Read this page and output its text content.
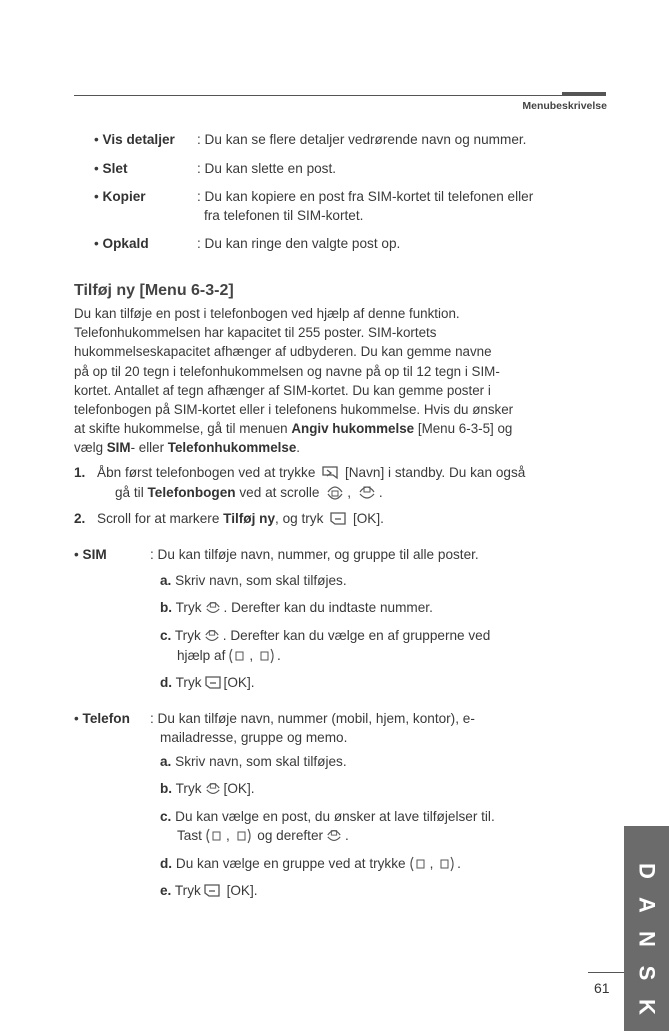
Menubeskrivelse
• Vis detaljer : Du kan se flere detaljer vedrørende navn og nummer.
• Slet	: Du kan slette en post.
• Kopier	: Du kan kopiere en post fra SIM-kortet til telefonen eller
fra telefonen til SIM-kortet.
• Opkald	: Du kan ringe den valgte post op.
Tilføj ny [Menu 6-3-2]
Du kan tilføje en post i telefonbogen ved hjælp af denne funktion.
Telefonhukommelsen har kapacitet til 255 poster. SIM-kortets
hukommelseskapacitet afhænger af udbyderen. Du kan gemme navne
på op til 20 tegn i telefonhukommelsen og navne på op til 12 tegn i SIM-
kortet. Antallet af tegn afhænger af SIM-kortet. Du kan gemme poster i
telefonbogen på SIM-kortet eller i telefonens hukommelse. Hvis du ønsker
at skifte hukommelse, gå til menuen Angiv hukommelse [Menu 6-3-5] og
vælg SIM- eller Telefonhukommelse.
1. Åbn først telefonbogen ved at trykke [Navn] i standby. Du kan også
gå til Telefonbogen ved at scrolle , .
2. Scroll for at markere Tilføj ny, og tryk [OK].
• SIM	: Du kan tilføje navn, nummer, og gruppe til alle poster.
a. Skriv navn, som skal tilføjes.
b. Tryk . Derefter kan du indtaste nummer.
c. Tryk . Derefter kan du vælge en af grupperne ved
hjælp af , .
d. Tryk [OK].
• Telefon : Du kan tilføje navn, nummer (mobil, hjem, kontor), e-
mailadresse, gruppe og memo.
a. Skriv navn, som skal tilføjes.
b. Tryk [OK].
c. Du kan vælge en post, du ønsker at lave tilføjelser til.
Tast , og derefter .
d. Du kan vælge en gruppe ved at trykke , .
e. Tryk [OK].
D
A
N
S
K
61
